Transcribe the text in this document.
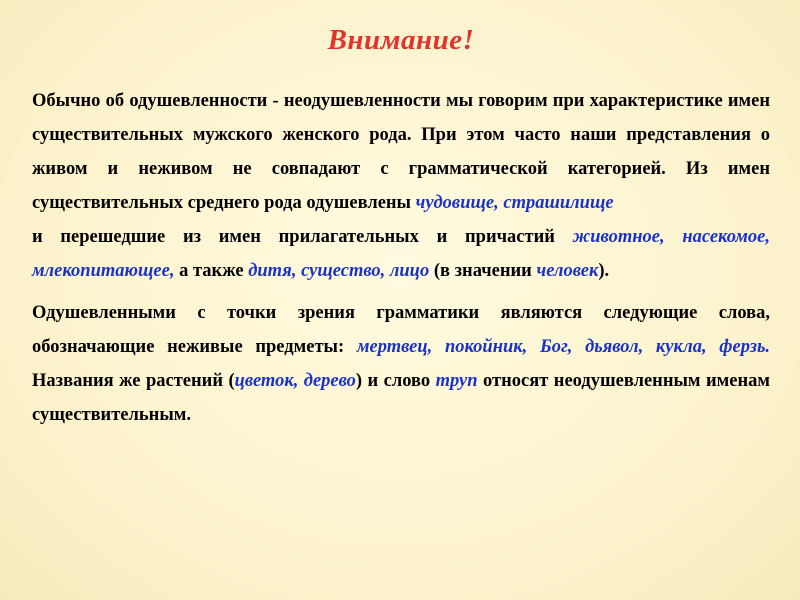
Внимание!

Обычно об одушевленности - неодушевленности мы говорим при характеристике имен существительных мужского женского рода. При этом часто наши представления о живом и неживом не совпадают с грамматической категорией. Из имен существительных среднего рода одушевлены чудовище, страшилище

и перешедшие из имен прилагательных и причастий животное, насекомое, млекопитающее, а также дитя, существо, лицо (в значении человек).

Одушевленными с точки зрения грамматики являются следующие слова, обозначающие неживые предметы: мертвец, покойник, Бог, дьявол, кукла, ферзь. Названия же растений (цветок, дерево) и слово труп относят неодушевленным именам существительным.
